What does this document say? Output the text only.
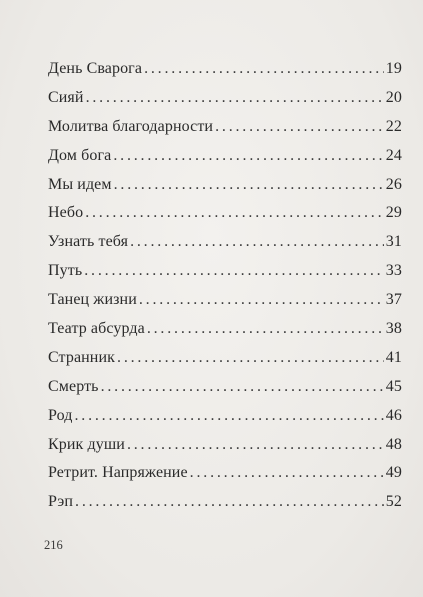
День Сварога . . .	19
Сияй . . .	20
Молитва благодарности . . .	22
Дом бога . . .	24
Мы идем . . .	26
Небо . . .	29
Узнать тебя . . .	31
Путь . . .	33
Танец жизни . . .	37
Театр абсурда . . .	38
Странник . . .	41
Смерть . . .	45
Род . . .	46
Крик души . . .	48
Ретрит. Напряжение . . .	49
Рэп . . .	52
216
